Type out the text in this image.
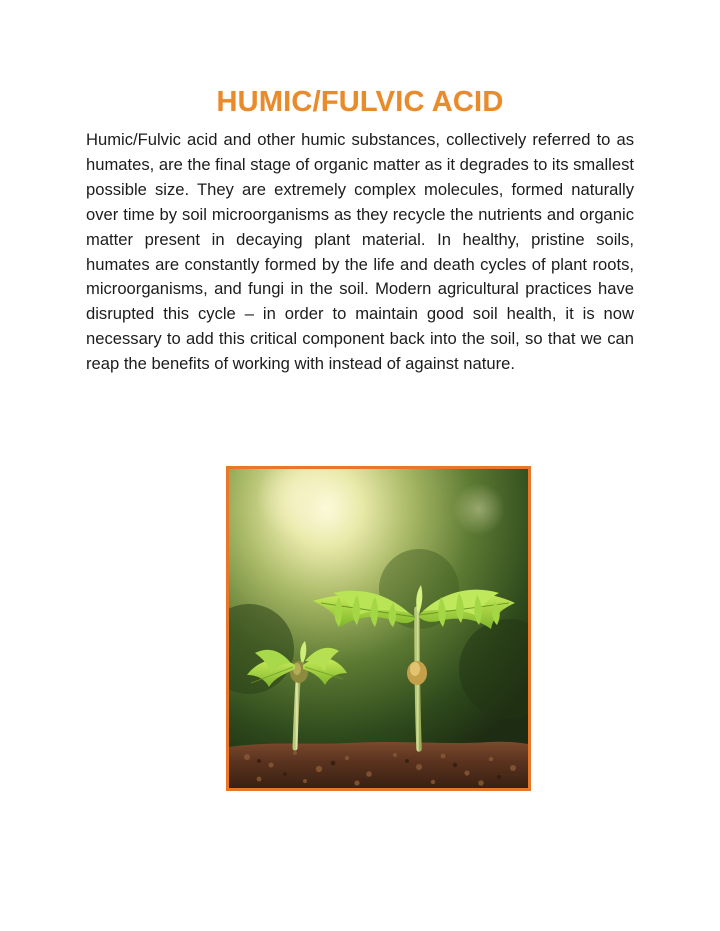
HUMIC/FULVIC ACID

Humic/Fulvic acid and other humic substances, collectively referred to as humates, are the final stage of organic matter as it degrades to its smallest possible size. They are extremely complex molecules, formed naturally over time by soil microorganisms as they recycle the nutrients and organic matter present in decaying plant material. In healthy, pristine soils, humates are constantly formed by the life and death cycles of plant roots, microorganisms, and fungi in the soil. Modern agricultural practices have disrupted this cycle – in order to maintain good soil health, it is now necessary to add this critical component back into the soil, so that we can reap the benefits of working with instead of against nature.
